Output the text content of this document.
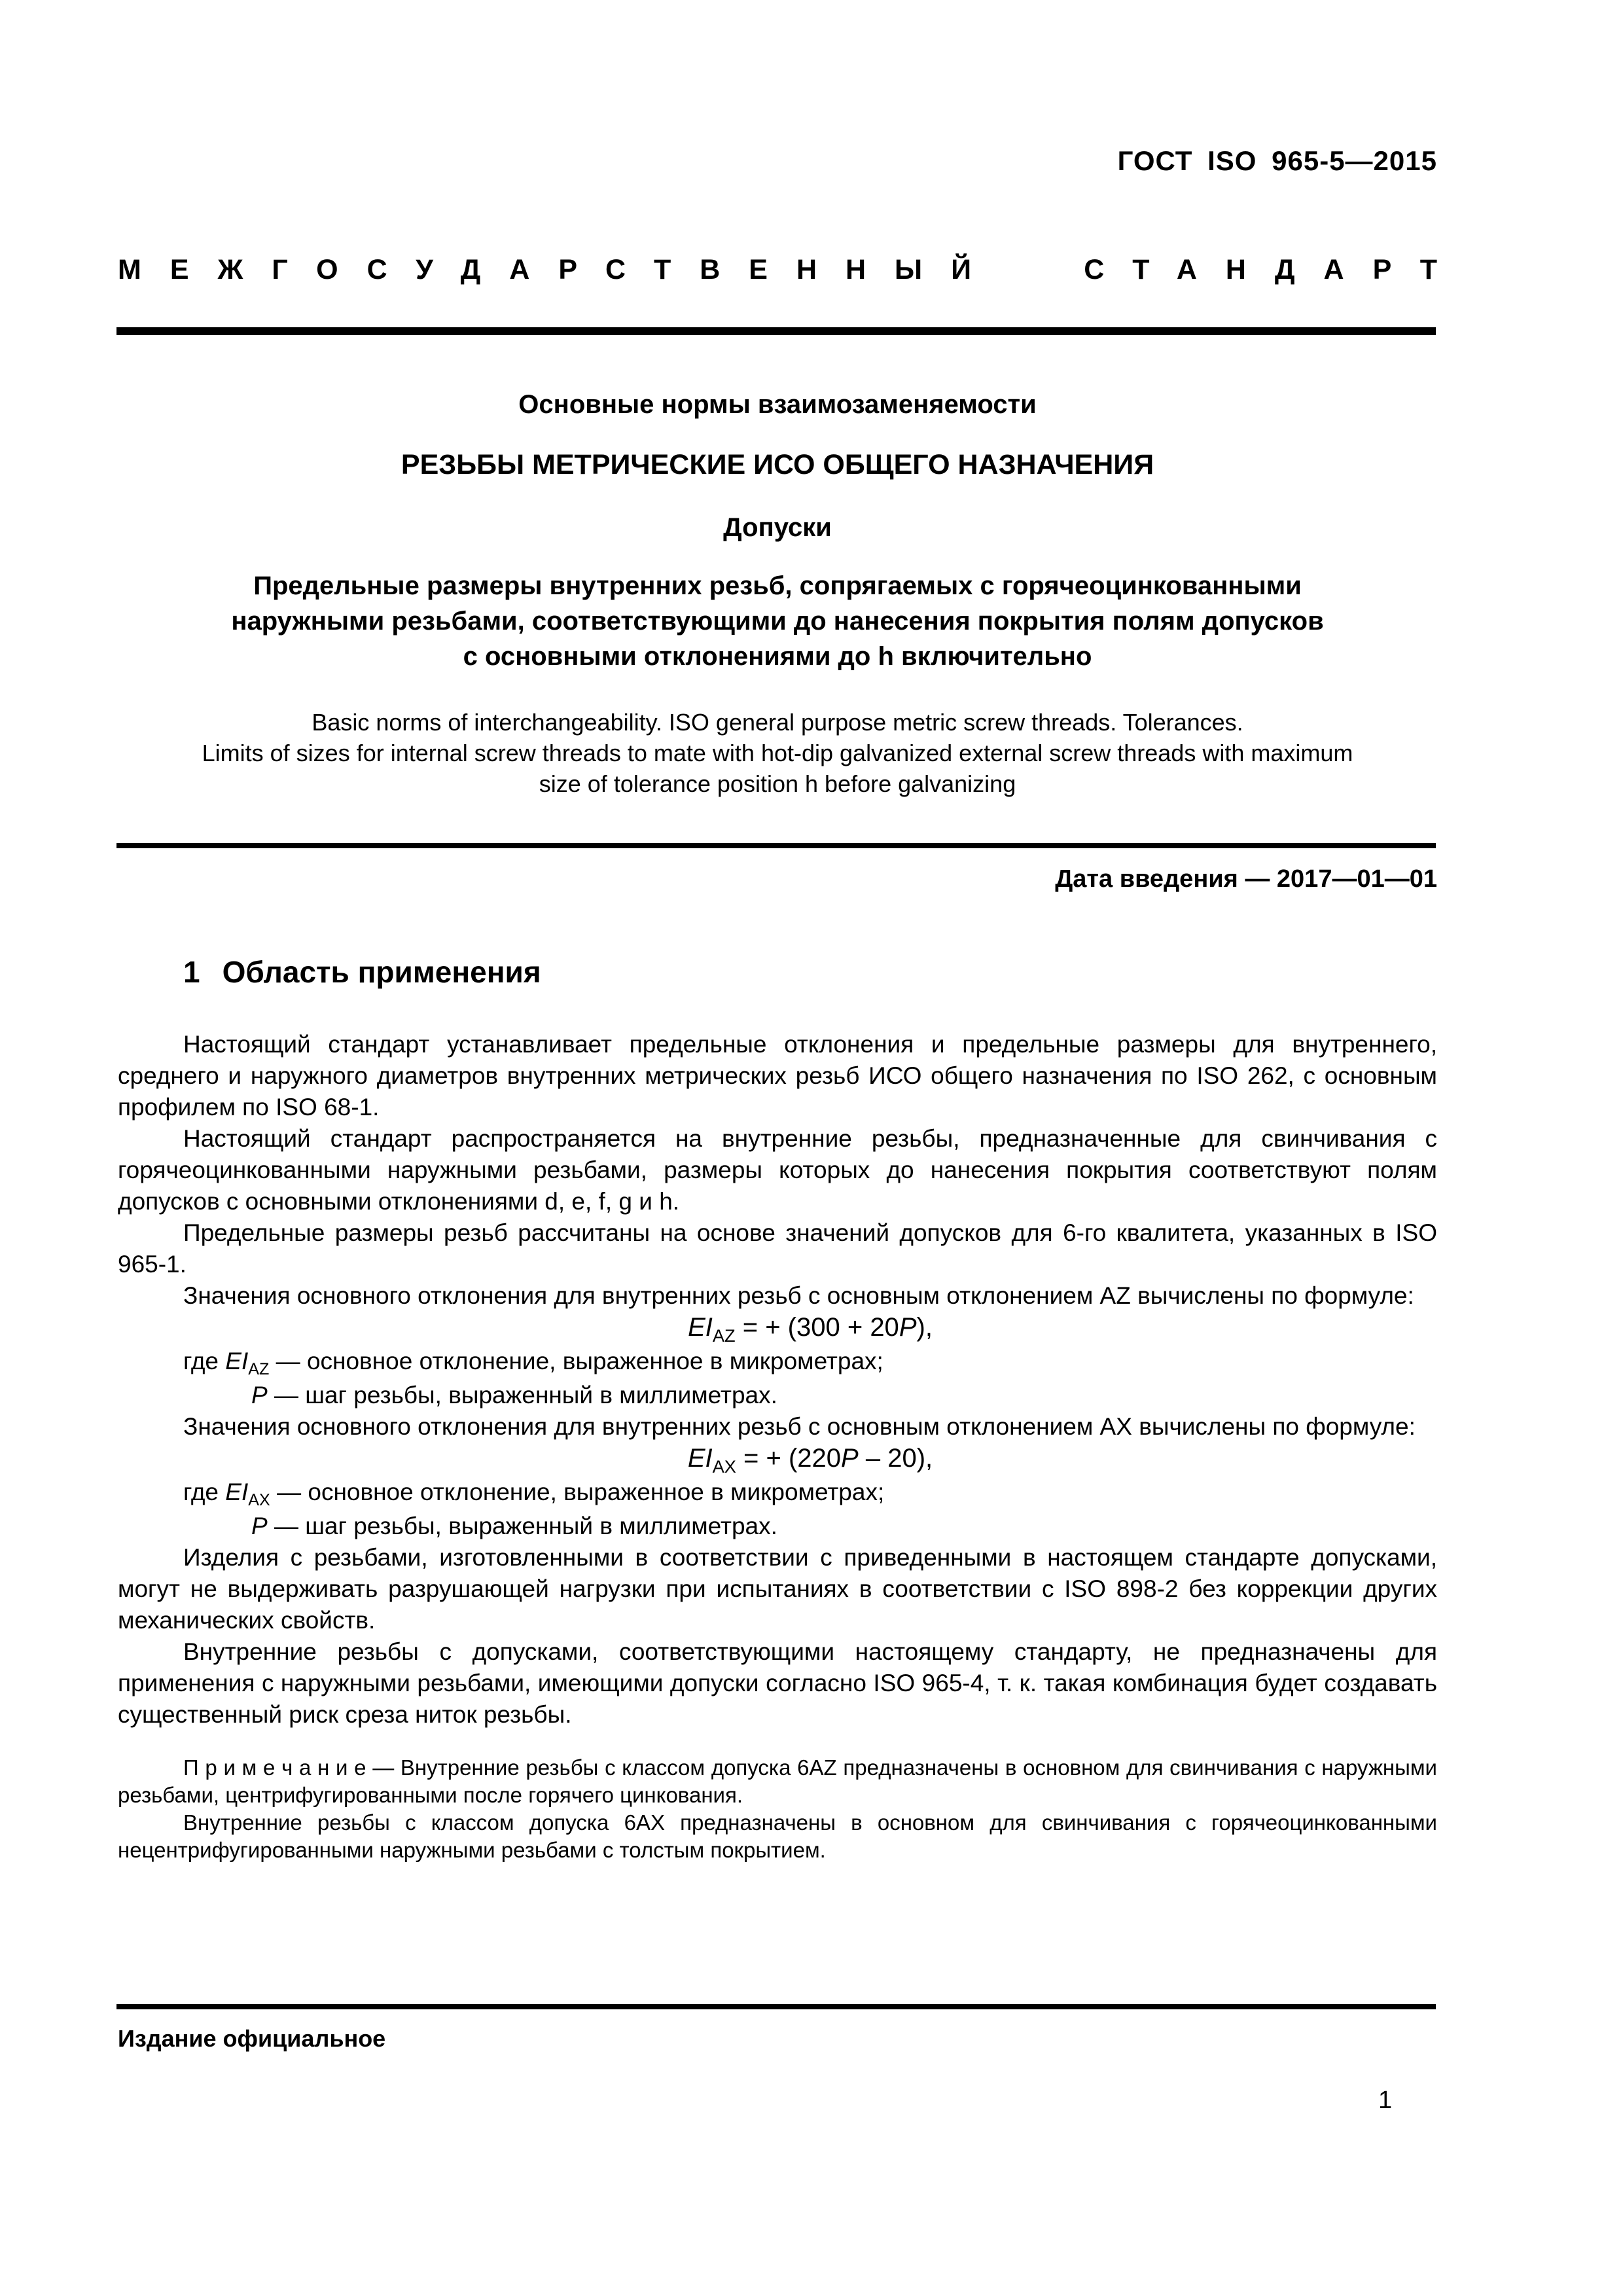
ГОСТ ISO 965-5—2015
МЕЖГОСУДАРСТВЕННЫЙ	СТАНДАРТ
Основные нормы взаимозаменяемости
РЕЗЬБЫ МЕТРИЧЕСКИЕ ИСО ОБЩЕГО НАЗНАЧЕНИЯ
Допуски
Предельные размеры внутренних резьб, сопрягаемых с горячеоцинкованными
наружными резьбами, соответствующими до нанесения покрытия полям допусков
с основными отклонениями до h включительно
Basic norms of interchangeability. ISO general purpose metric screw threads. Tolerances.
Limits of sizes for internal screw threads to mate with hot-dip galvanized external screw threads with maximum
size of tolerance position h before galvanizing
Дата введения — 2017—01—01
1 Область применения

Настоящий стандарт устанавливает предельные отклонения и предельные размеры для внутреннего, среднего и наружного диаметров внутренних метрических резьб ИСО общего назначения по ISO 262, с основным профилем по ISO 68-1.

Настоящий стандарт распространяется на внутренние резьбы, предназначенные для свинчивания с горячеоцинкованными наружными резьбами, размеры которых до нанесения покрытия соответствуют полям допусков с основными отклонениями d, e, f, g и h.

Предельные размеры резьб рассчитаны на основе значений допусков для 6-го квалитета, указанных в ISO 965-1.

Значения основного отклонения для внутренних резьб с основным отклонением AZ вычислены по формуле:

$EI_{AZ}$ = + (300 + 20P),

где $EI_{AZ}$ — основное отклонение, выраженное в микрометрах;

P — шаг резьбы, выраженный в миллиметрах.

Значения основного отклонения для внутренних резьб с основным отклонением AX вычислены по формуле:

$EI_{AX}$ = + (220P – 20),

где $EI_{AX}$ — основное отклонение, выраженное в микрометрах;

P — шаг резьбы, выраженный в миллиметрах.

Изделия с резьбами, изготовленными в соответствии с приведенными в настоящем стандарте допусками, могут не выдерживать разрушающей нагрузки при испытаниях в соответствии с ISO 898-2 без коррекции других механических свойств.

Внутренние резьбы с допусками, соответствующими настоящему стандарту, не предназначены для применения с наружными резьбами, имеющими допуски согласно ISO 965-4, т. к. такая комбинация будет создавать существенный риск среза ниток резьбы.

П р и м е ч а н и е — Внутренние резьбы с классом допуска 6AZ предназначены в основном для свинчивания с наружными резьбами, центрифугированными после горячего цинкования.

Внутренние резьбы с классом допуска 6AX предназначены в основном для свинчивания с горячеоцинкованными нецентрифугированными наружными резьбами с толстым покрытием.

Издание официальное
1
